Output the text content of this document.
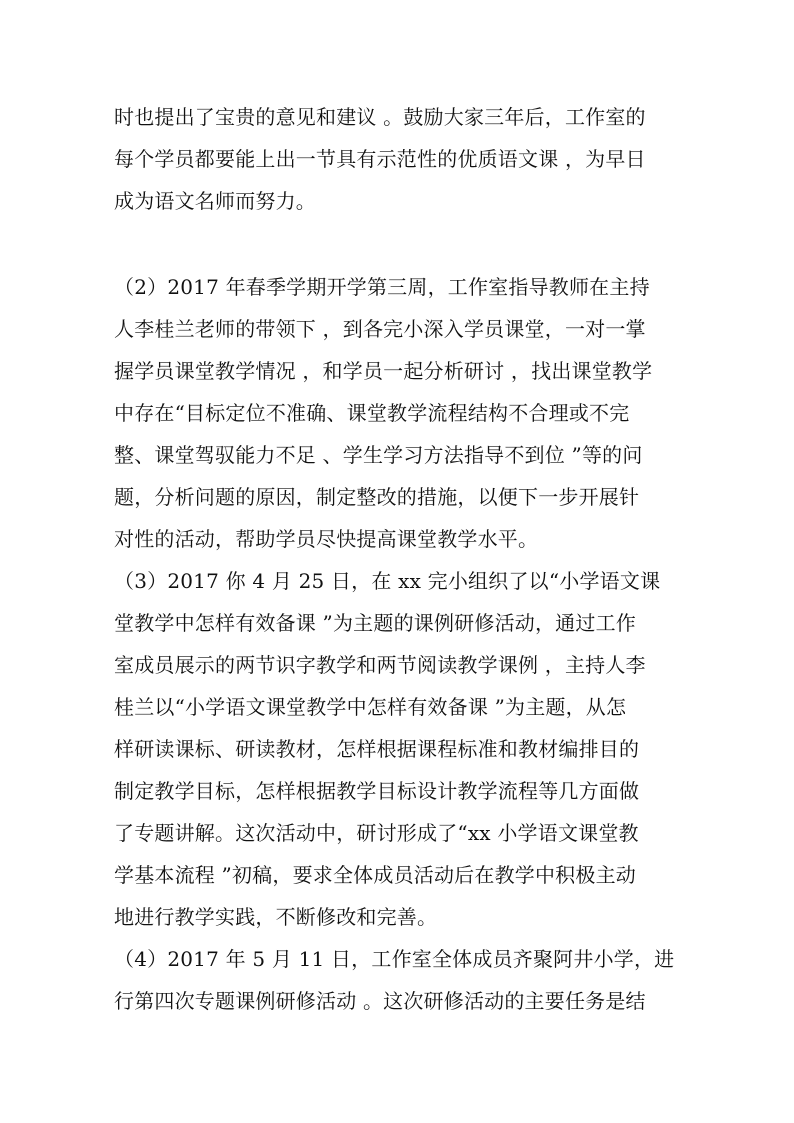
时也提出了宝贵的意见和建议 。鼓励大家三年后，工作室的
每个学员都要能上出一节具有示范性的优质语文课 ，为早日
成为语文名师而努力。
（2）2017 年春季学期开学第三周，工作室指导教师在主持
人李桂兰老师的带领下 ，到各完小深入学员课堂，一对一掌
握学员课堂教学情况 ，和学员一起分析研讨 ，找出课堂教学
中存在“目标定位不准确、课堂教学流程结构不合理或不完
整、课堂驾驭能力不足 、学生学习方法指导不到位 ”等的问
题，分析问题的原因，制定整改的措施，以便下一步开展针
对性的活动，帮助学员尽快提高课堂教学水平。
（3）2017 你 4 月 25 日，在 xx 完小组织了以“小学语文课
堂教学中怎样有效备课 ”为主题的课例研修活动，通过工作
室成员展示的两节识字教学和两节阅读教学课例 ，主持人李
桂兰以“小学语文课堂教学中怎样有效备课 ”为主题，从怎
样研读课标、研读教材，怎样根据课程标准和教材编排目的
制定教学目标，怎样根据教学目标设计教学流程等几方面做
了专题讲解。这次活动中，研讨形成了“xx 小学语文课堂教
学基本流程 ”初稿，要求全体成员活动后在教学中积极主动
地进行教学实践，不断修改和完善。
（4）2017 年 5 月 11 日，工作室全体成员齐聚阿井小学，进
行第四次专题课例研修活动 。这次研修活动的主要任务是结
